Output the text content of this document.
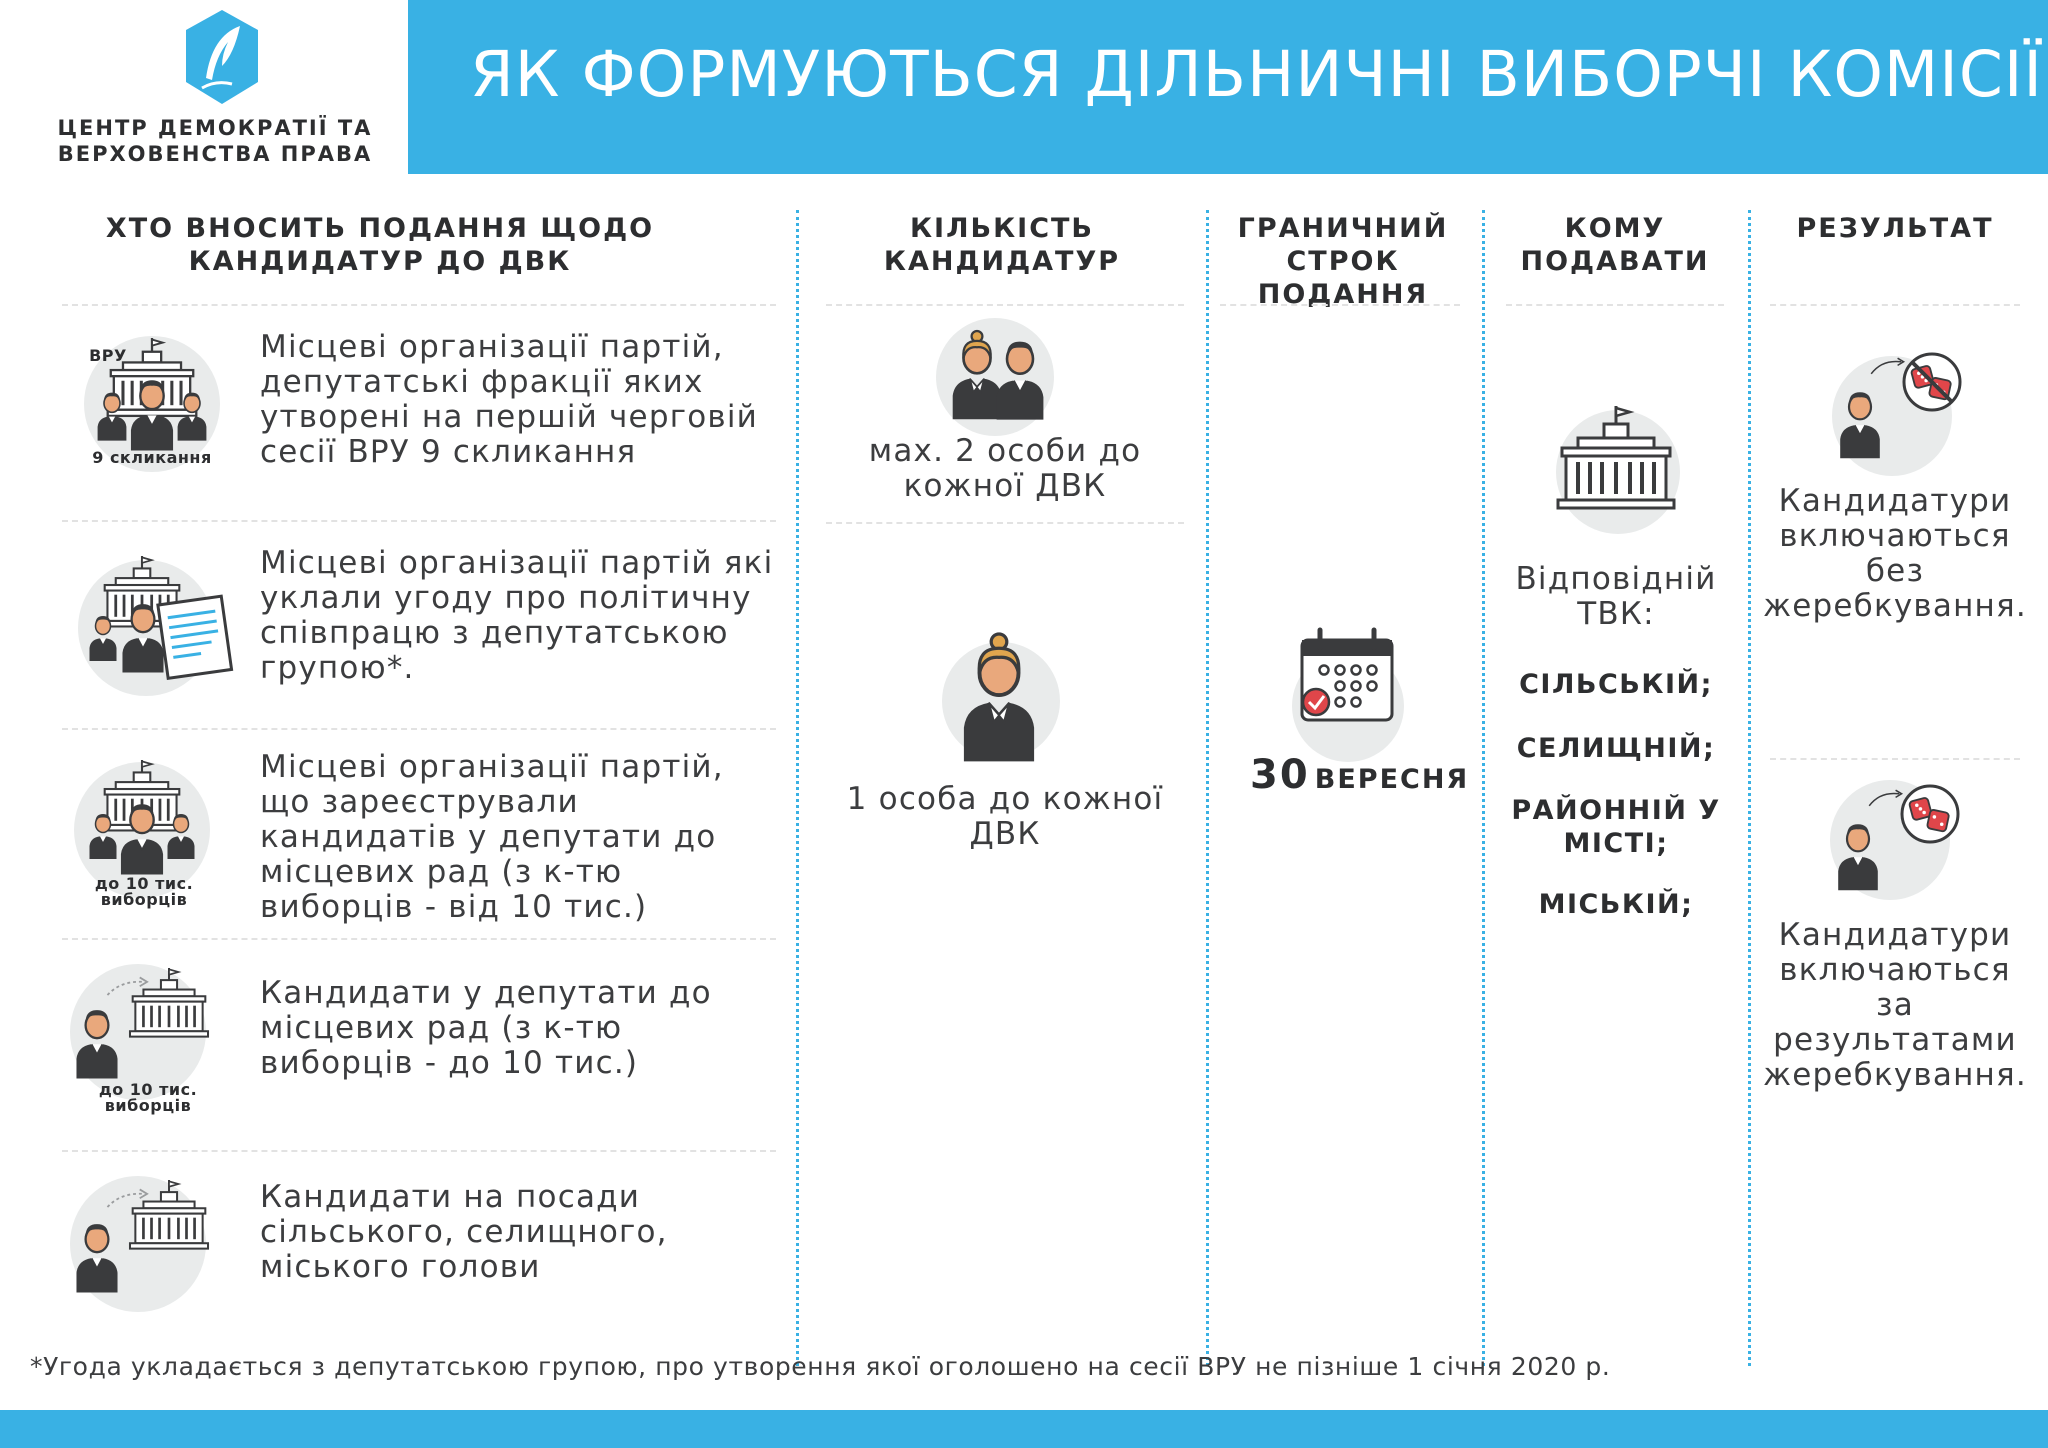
ЯК ФОРМУЮТЬСЯ ДІЛЬНИЧНІ ВИБОРЧІ КОМІСІЇ
ЦЕНТР ДЕМОКРАТІЇ ТА
ВЕРХОВЕНСТВА ПРАВА
ХТО ВНОСИТЬ ПОДАННЯ ЩОДО
КАНДИДАТУР ДО ДВК
КІЛЬКІСТЬ КАНДИДАТУР
ГРАНИЧНИЙ
СТРОК ПОДАННЯ
КОМУ
ПОДАВАТИ
РЕЗУЛЬТАТ
ВРУ
9 скликання
Місцеві організації партій, депутатські фракції яких утворені на першій черговій сесії ВРУ 9 скликання
Місцеві організації партій які уклали угоду про політичну співпрацю з депутатською групою*.
до 10 тис.
виборців
Місцеві організації партій, що зареєстрували кандидатів у депутати до місцевих рад (з к-тю виборців - від 10 тис.)
до 10 тис.
виборців
Кандидати у депутати до місцевих рад (з к-тю виборців - до 10 тис.)
Кандидати на посади сільського, селищного, міського голови
мах. 2 особи до кожної ДВК
1 особа до кожної ДВК
30 ВЕРЕСНЯ
Відповідній ТВК:
СІЛЬСЬКІЙ;
СЕЛИЩНІЙ;
РАЙОННІЙ У МІСТІ;
МІСЬКІЙ;
Кандидатури включаються без жеребкування.
Кандидатури включаються за результатами жеребкування.
*Угода укладається з депутатською групою, про утворення якої оголошено на сесії ВРУ не пізніше 1 січня 2020 р.
